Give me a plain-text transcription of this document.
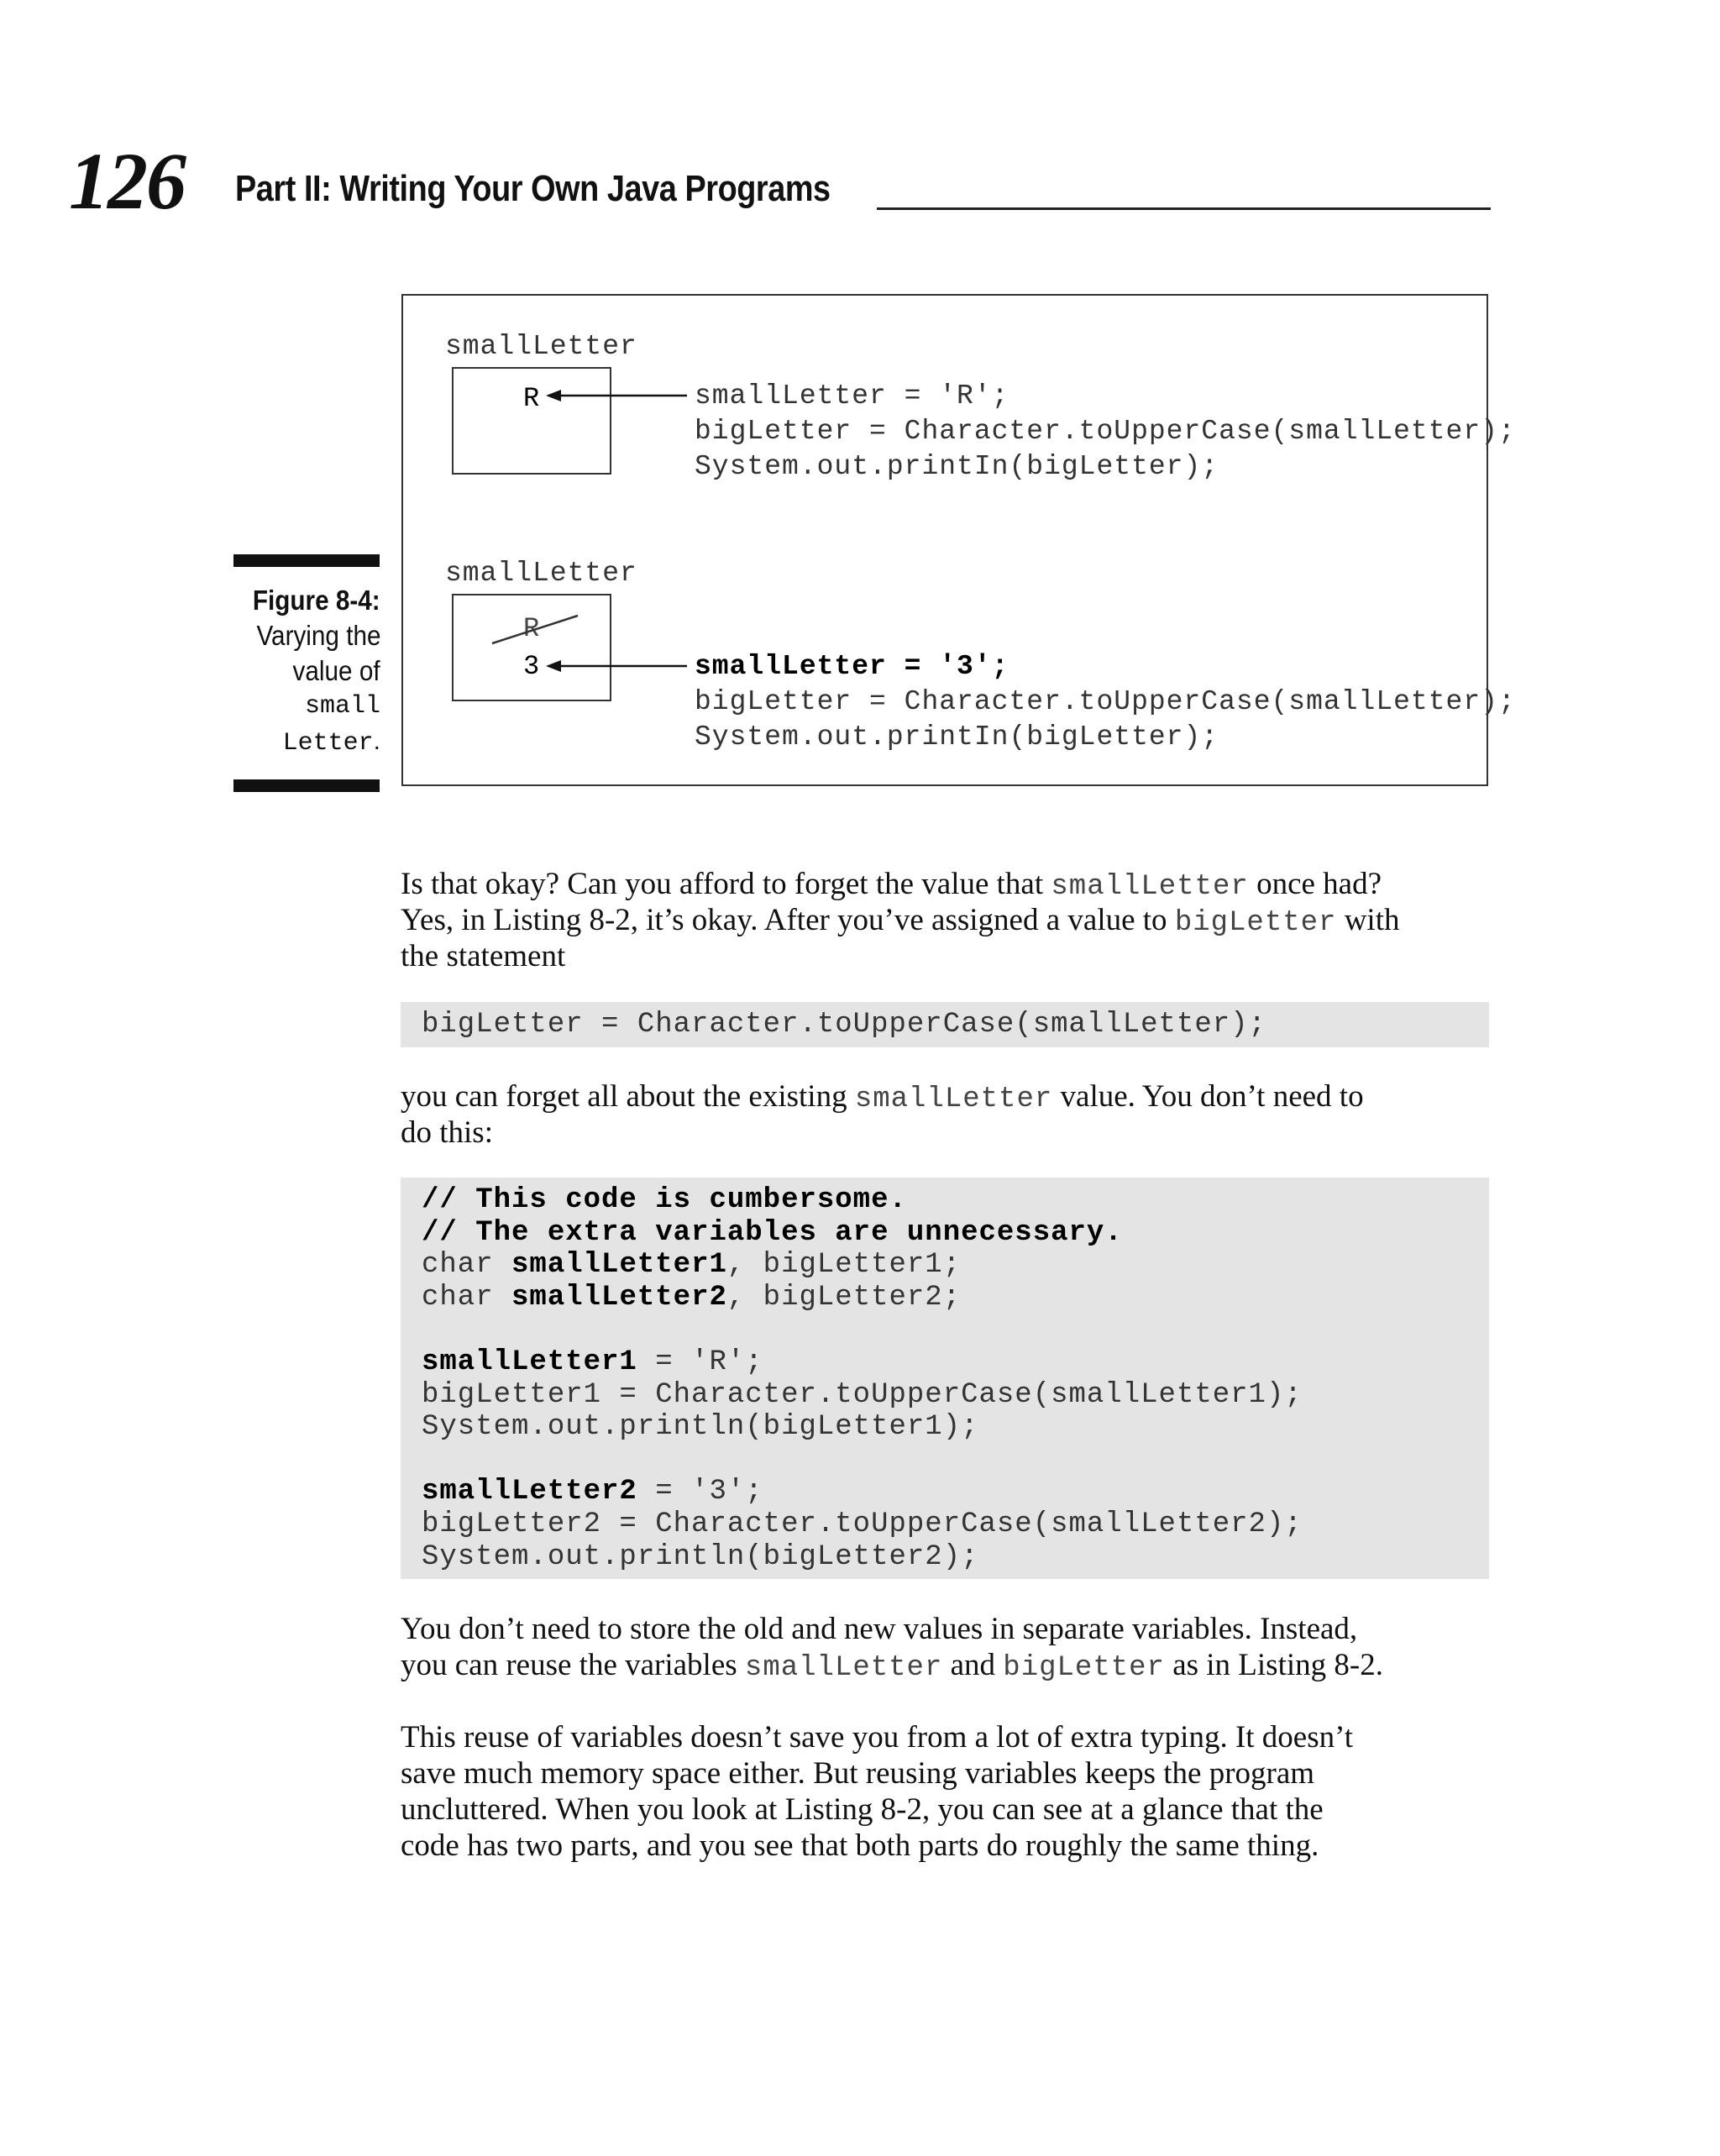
126 Part II: Writing Your Own Java Programs
Figure 8-4:
Varying the
value of
small
Letter.
smallLetter
R	smallLetter = 'R';
bigLetter = Character.toUpperCase(smallLetter);
System.out.printIn(bigLetter);
smallLetter
R
3	smallLetter = '3';
bigLetter = Character.toUpperCase(smallLetter);
System.out.printIn(bigLetter);
Is that okay? Can you afford to forget the value that smallLetter once had?
Yes, in Listing 8-2, it’s okay. After you’ve assigned a value to bigLetter with
the statement
bigLetter = Character.toUpperCase(smallLetter);
you can forget all about the existing smallLetter value. You don’t need to
do this:
// This code is cumbersome.
// The extra variables are unnecessary.
char smallLetter1, bigLetter1;
char smallLetter2, bigLetter2;
smallLetter1 = 'R';
bigLetter1 = Character.toUpperCase(smallLetter1);
System.out.println(bigLetter1);
smallLetter2 = '3';
bigLetter2 = Character.toUpperCase(smallLetter2);
System.out.println(bigLetter2);
You don’t need to store the old and new values in separate variables. Instead,
you can reuse the variables smallLetter and bigLetter as in Listing 8-2.
This reuse of variables doesn’t save you from a lot of extra typing. It doesn’t
save much memory space either. But reusing variables keeps the program
uncluttered. When you look at Listing 8-2, you can see at a glance that the
code has two parts, and you see that both parts do roughly the same thing.
